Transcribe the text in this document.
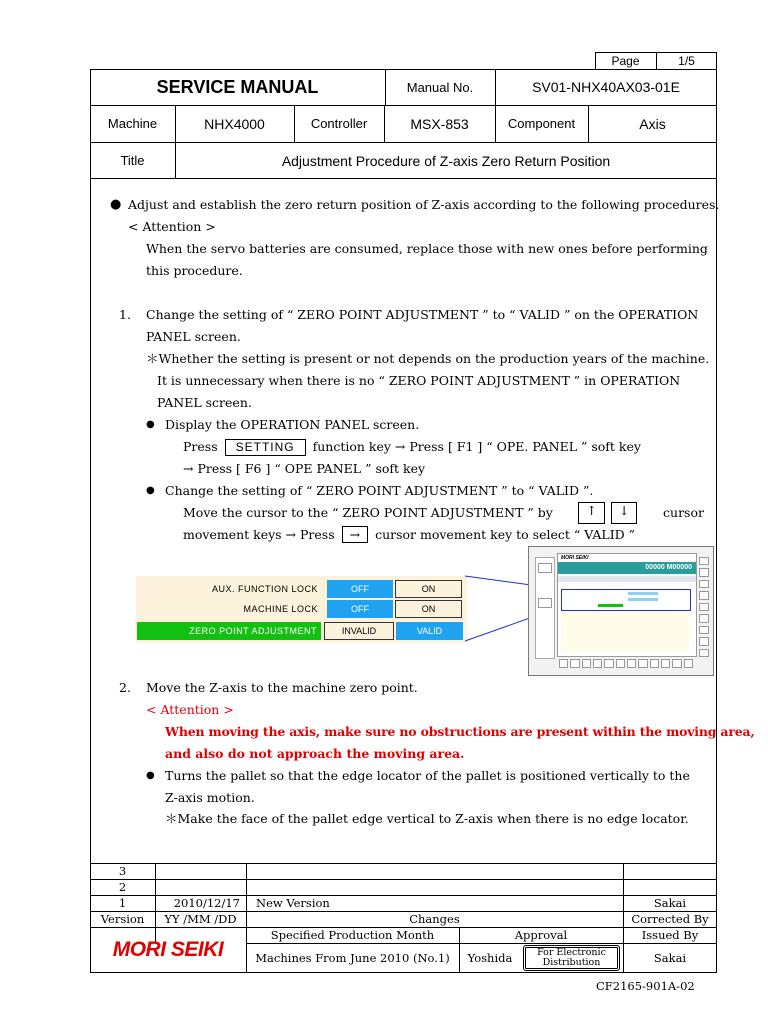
Page	1/5
SERVICE MANUAL	Manual No.	SV01-NHX40AX03-01E
Machine	NHX4000	Controller	MSX-853	Component	Axis
Title	Adjustment Procedure of Z-axis Zero Return Position
● Adjust and establish the zero return position of Z-axis according to the following procedures.
< Attention >
When the servo batteries are consumed, replace those with new ones before performing
this procedure.
1. Change the setting of “ ZERO POINT ADJUSTMENT ” to “ VALID ” on the OPERATION
PANEL screen.
＊Whether the setting is present or not depends on the production years of the machine.
It is unnecessary when there is no “ ZERO POINT ADJUSTMENT ” in OPERATION
PANEL screen.
● Display the OPERATION PANEL screen.
Press SETTING function key → Press [ F1 ] “ OPE. PANEL ” soft key
→ Press [ F6 ] “ OPE PANEL ” soft key
● Change the setting of “ ZERO POINT ADJUSTMENT ” to “ VALID ”.
Move the cursor to the “ ZERO POINT ADJUSTMENT ” by	↑	↓	cursor
movement keys → Press → cursor movement key to select “ VALID ”
AUX. FUNCTION LOCK	OFF	ON
MACHINE LOCK	OFF	ON
ZERO POINT ADJUSTMENT	INVALID	VALID
MORI SEIKI
00000 M00000
2. Move the Z-axis to the machine zero point.
< Attention >
When moving the axis, make sure no obstructions are present within the moving area,
and also do not approach the moving area.
● Turns the pallet so that the edge locator of the pallet is positioned vertically to the
Z-axis motion.
＊Make the face of the pallet edge vertical to Z-axis when there is no edge locator.
3
2
1	2010/12/17	New Version	Sakai
Version	YY /MM /DD	Changes	Corrected By
Specified Production Month	Approval	Issued By
Machines From June 2010 (No.1)	Yoshida	For Electronic Distribution	Sakai
MORI SEIKI
CF2165-901A-02
